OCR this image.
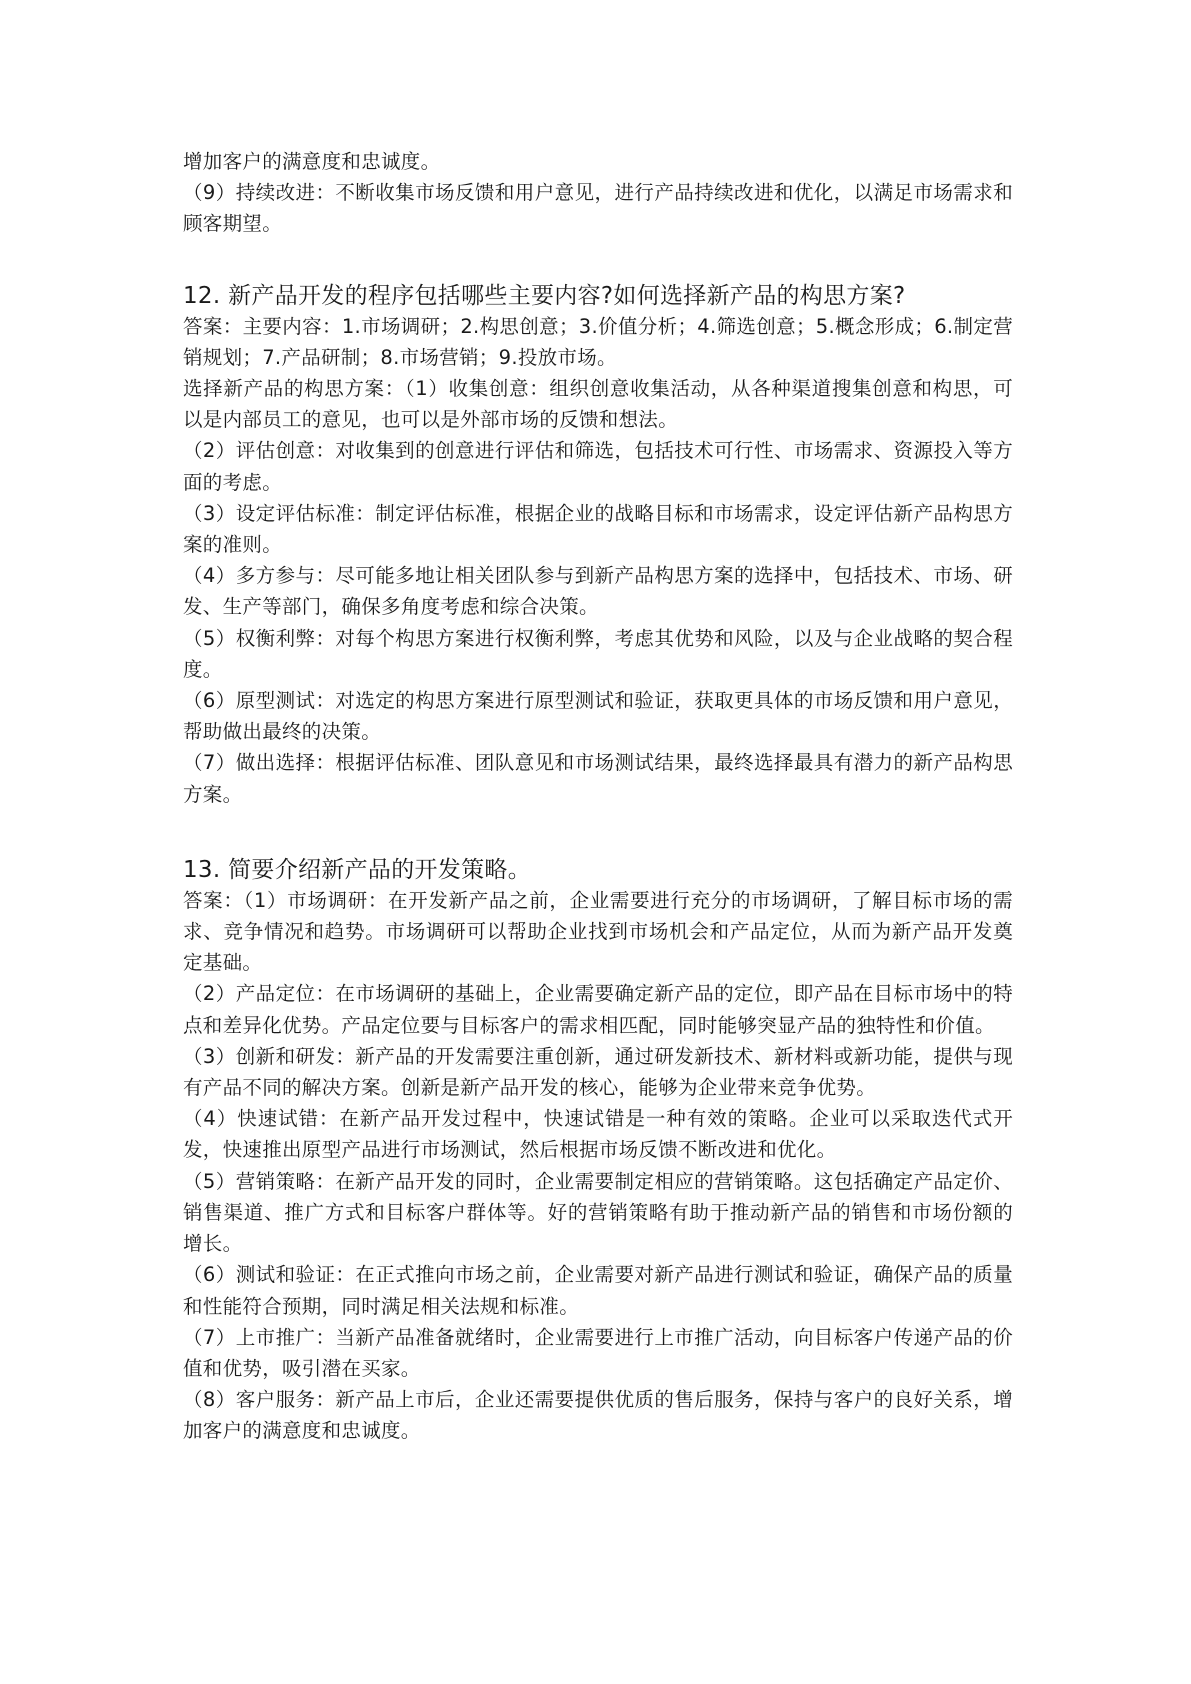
增加客户的满意度和忠诚度。

（9）持续改进：不断收集市场反馈和用户意见，进行产品持续改进和优化，以满足市场需求和顾客期望。

12. 新产品开发的程序包括哪些主要内容?如何选择新产品的构思方案?

答案：主要内容：1.市场调研；2.构思创意；3.价值分析；4.筛选创意；5.概念形成；6.制定营销规划；7.产品研制；8.市场营销；9.投放市场。

选择新产品的构思方案：（1）收集创意：组织创意收集活动，从各种渠道搜集创意和构思，可以是内部员工的意见，也可以是外部市场的反馈和想法。

（2）评估创意：对收集到的创意进行评估和筛选，包括技术可行性、市场需求、资源投入等方面的考虑。

（3）设定评估标准：制定评估标准，根据企业的战略目标和市场需求，设定评估新产品构思方案的准则。

（4）多方参与：尽可能多地让相关团队参与到新产品构思方案的选择中，包括技术、市场、研发、生产等部门，确保多角度考虑和综合决策。

（5）权衡利弊：对每个构思方案进行权衡利弊，考虑其优势和风险，以及与企业战略的契合程度。

（6）原型测试：对选定的构思方案进行原型测试和验证，获取更具体的市场反馈和用户意见，帮助做出最终的决策。

（7）做出选择：根据评估标准、团队意见和市场测试结果，最终选择最具有潜力的新产品构思方案。

13. 简要介绍新产品的开发策略。

答案：（1）市场调研：在开发新产品之前，企业需要进行充分的市场调研，了解目标市场的需求、竞争情况和趋势。市场调研可以帮助企业找到市场机会和产品定位，从而为新产品开发奠定基础。

（2）产品定位：在市场调研的基础上，企业需要确定新产品的定位，即产品在目标市场中的特点和差异化优势。产品定位要与目标客户的需求相匹配，同时能够突显产品的独特性和价值。

（3）创新和研发：新产品的开发需要注重创新，通过研发新技术、新材料或新功能，提供与现有产品不同的解决方案。创新是新产品开发的核心，能够为企业带来竞争优势。

（4）快速试错：在新产品开发过程中，快速试错是一种有效的策略。企业可以采取迭代式开发，快速推出原型产品进行市场测试，然后根据市场反馈不断改进和优化。

（5）营销策略：在新产品开发的同时，企业需要制定相应的营销策略。这包括确定产品定价、销售渠道、推广方式和目标客户群体等。好的营销策略有助于推动新产品的销售和市场份额的增长。

（6）测试和验证：在正式推向市场之前，企业需要对新产品进行测试和验证，确保产品的质量和性能符合预期，同时满足相关法规和标准。

（7）上市推广：当新产品准备就绪时，企业需要进行上市推广活动，向目标客户传递产品的价值和优势，吸引潜在买家。

（8）客户服务：新产品上市后，企业还需要提供优质的售后服务，保持与客户的良好关系，增加客户的满意度和忠诚度。
